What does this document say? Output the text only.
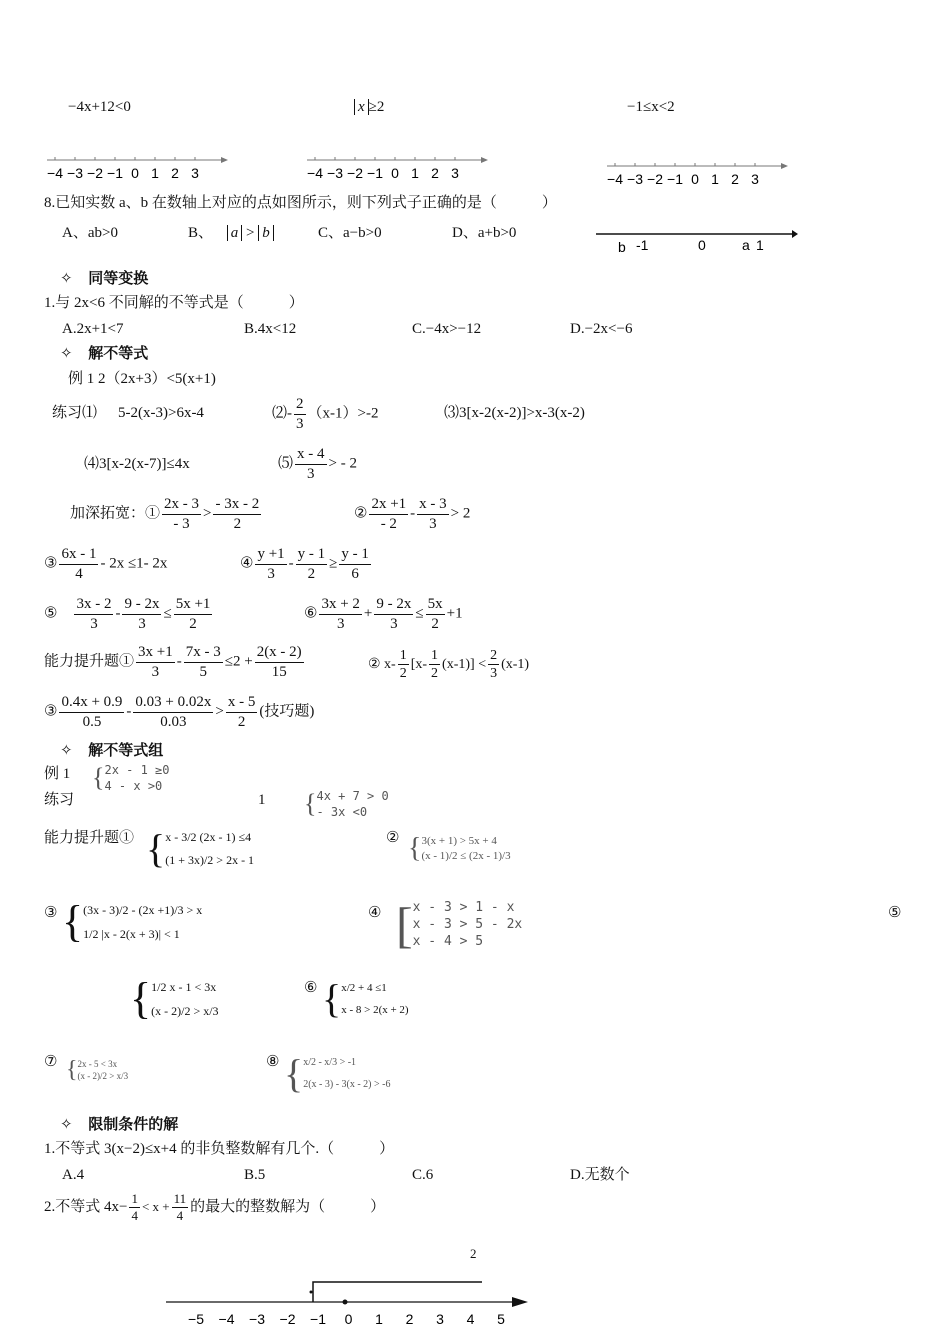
−4x+12<0	x ≥2	−1≤x<2
−4 −3 −2 −1 0 1 2 3	−4 −3 −2 −1 0 1 2 3	−4 −3 −2 −1 0 1 2 3
8.已知实数 a、b 在数轴上对应的点如图所示，则下列式子正确的是（　　　）
A、ab>0	B、 a > b	C、a−b>0	D、a+b>0
b -1	0	a 1
✧   同等变换
1.与 2x<6 不同解的不等式是（　　　）
A.2x+1<7	B.4x<12	C.−4x>−12	D.−2x<−6
✧   解不等式
例 1 2（2x+3）<5(x+1)
练习⑴ 5-2(x-3)>6x-4	⑵- $\frac{2}{3} (x-1)>-2$	⑶3[x-2(x-2)]>x-3(x-2)
⑷3[x-2(x-7)]≤4x	⑸ $\frac{x - 4}{3}$ > - 2
加深拓宽：① $\frac{2x - 3}{- 3} > \frac{- 3x - 2}{2}$	② $\frac{2x +1}{- 2} - \frac{x - 3}{3} > 2$
③ $\frac{6x - 1}{4} - 2x \le 1-$ 2x	④ $\frac{y +1}{3} - \frac{y - 1}{2} \ge \frac{y - 1}{6}$
⑤ $\frac{3x - 2}{3} - \frac{9 - 2x}{3} \le \frac{5x +1}{2}$	⑥ $\frac{3x + 2}{3} + \frac{9 - 2x}{3} \le \frac{5x}{2} +1$
能力提升题① $\frac{3x +1}{3} - \frac{7x - 3}{5} \le 2 + \frac{2(x - 2)}{15}$	② $x- \frac{1}{2} [x- \frac{1}{2} (x-1)] < \frac{2}{3} (x-1)$
③ $\frac{0.4x + 0.9}{0.5} - \frac{0.03 + 0.02x}{0.03} > \frac{x - 5}{2}$ (技巧题)
✧   解不等式组
例 1 { 2x - 1 ≥0
4 - x >0
练习	1 { 4x + 7 > 0
- 3x <0
能力提升题① { x - 3/2 (2x - 1) ≤4
(1 + 3x)/2 > 2x - 1
② { 3(x + 1) > 5x + 4
(x - 1)/2 ≤ (2x - 1)/3
③ { (3x - 3)/2 - (2x +1)/3 > x
1/2 |x - 2(x + 3)| < 1
④ [ x - 3 > 1 - x
x - 3 > 5 - 2x
x - 4 > 5
⑤
{ 1/2 x - 1 < 3x
(x - 2)/2 > x/3
⑥ { x/2 + 4 ≤1
x - 8 > 2(x + 2)
⑦ { 2x - 5 < 3x
(x - 2)/2 > x/3
⑧ { x/2 - x/3 > -1
2(x - 3) - 3(x - 2) > -6
✧   限制条件的解
1.不等式 3(x−2)≤x+4 的非负整数解有几个.（　　　）
A.4	B.5	C.6	D.无数个
2.不等式 $4x- \frac{1}{4} < x + \frac{11}{4}$ 的最大的整数解为（　　　）
2
−5 −4 −3 −2 −1 0 1 2 3 4 5
